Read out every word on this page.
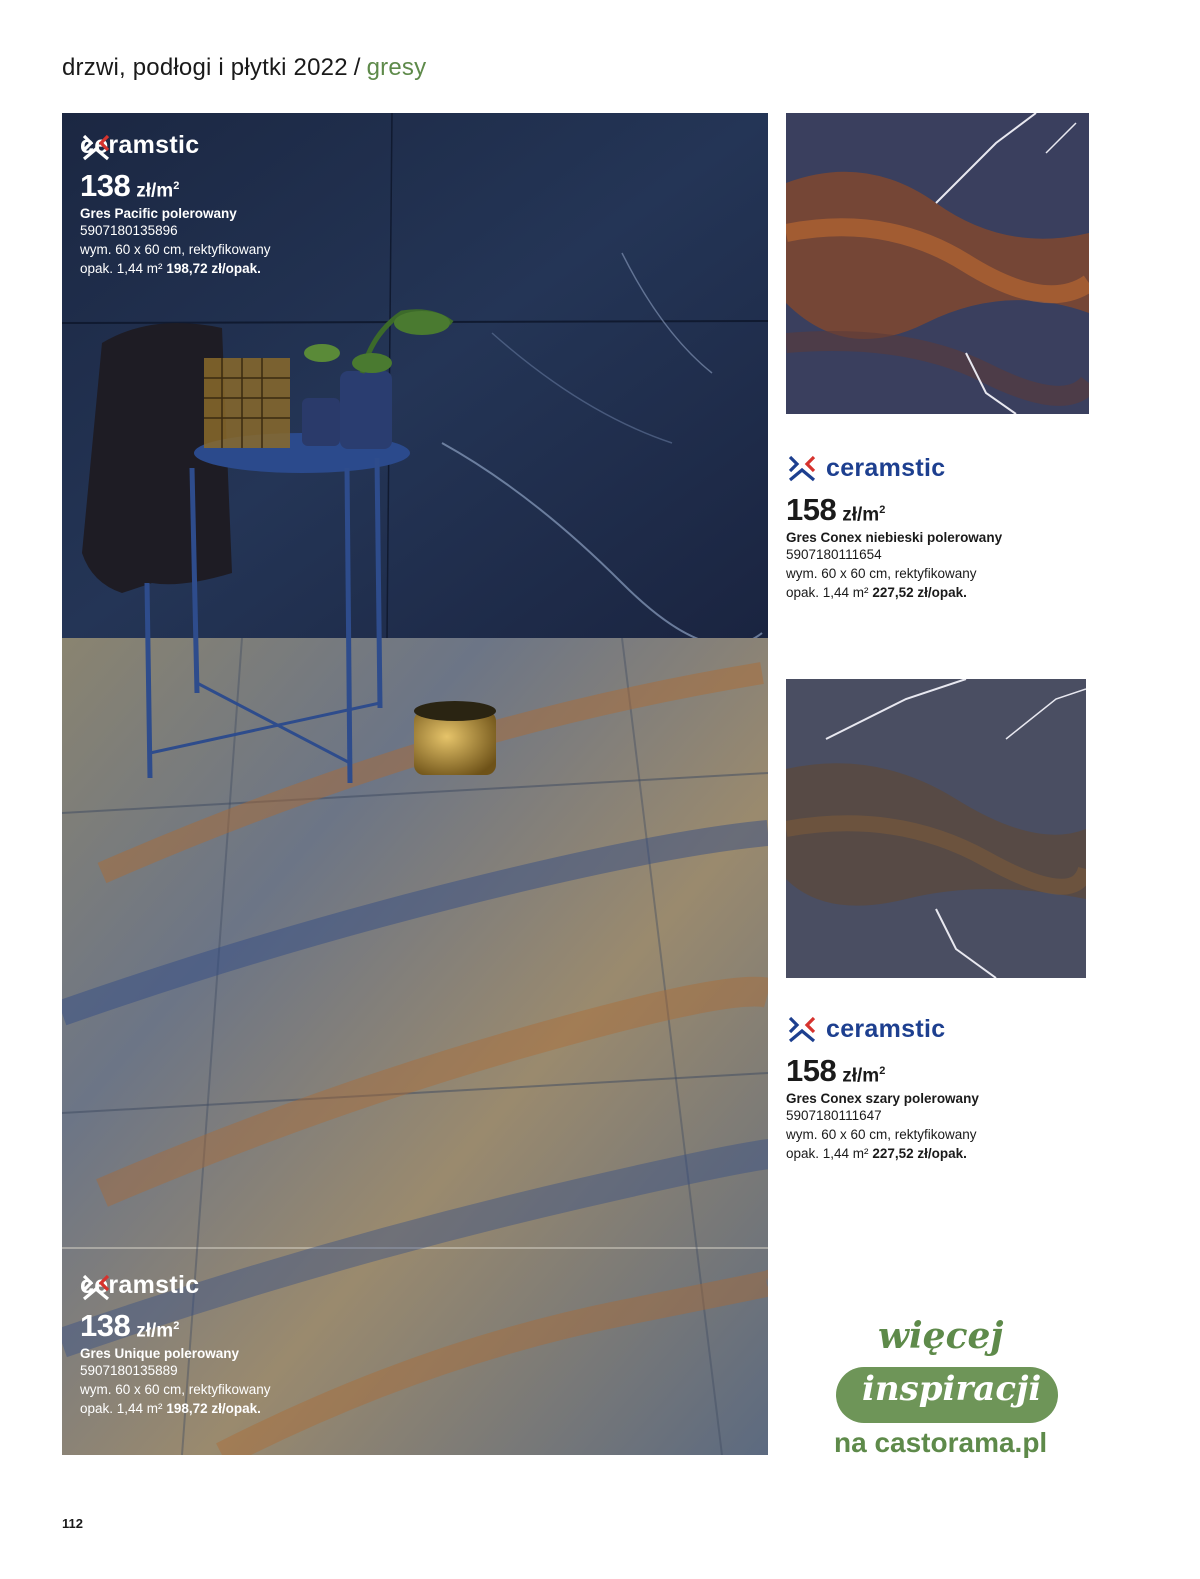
drzwi, podłogi i płytki 2022 / gresy
ceramstic
138 $zł/m^2$
Gres Pacific polerowany
5907180135896
wym. 60 x 60 cm, rektyfikowany
opak. 1,44 m² 198,72 zł/opak.
ceramstic
138 $zł/m^2$
Gres Unique polerowany
5907180135889
wym. 60 x 60 cm, rektyfikowany
opak. 1,44 m² 198,72 zł/opak.
ceramstic
158 $zł/m^2$
Gres Conex niebieski polerowany
5907180111654
wym. 60 x 60 cm, rektyfikowany
opak. 1,44 m² 227,52 zł/opak.
ceramstic
158 $zł/m^2$
Gres Conex szary polerowany
5907180111647
wym. 60 x 60 cm, rektyfikowany
opak. 1,44 m² 227,52 zł/opak.
więcej
inspiracji
na castorama.pl
112
